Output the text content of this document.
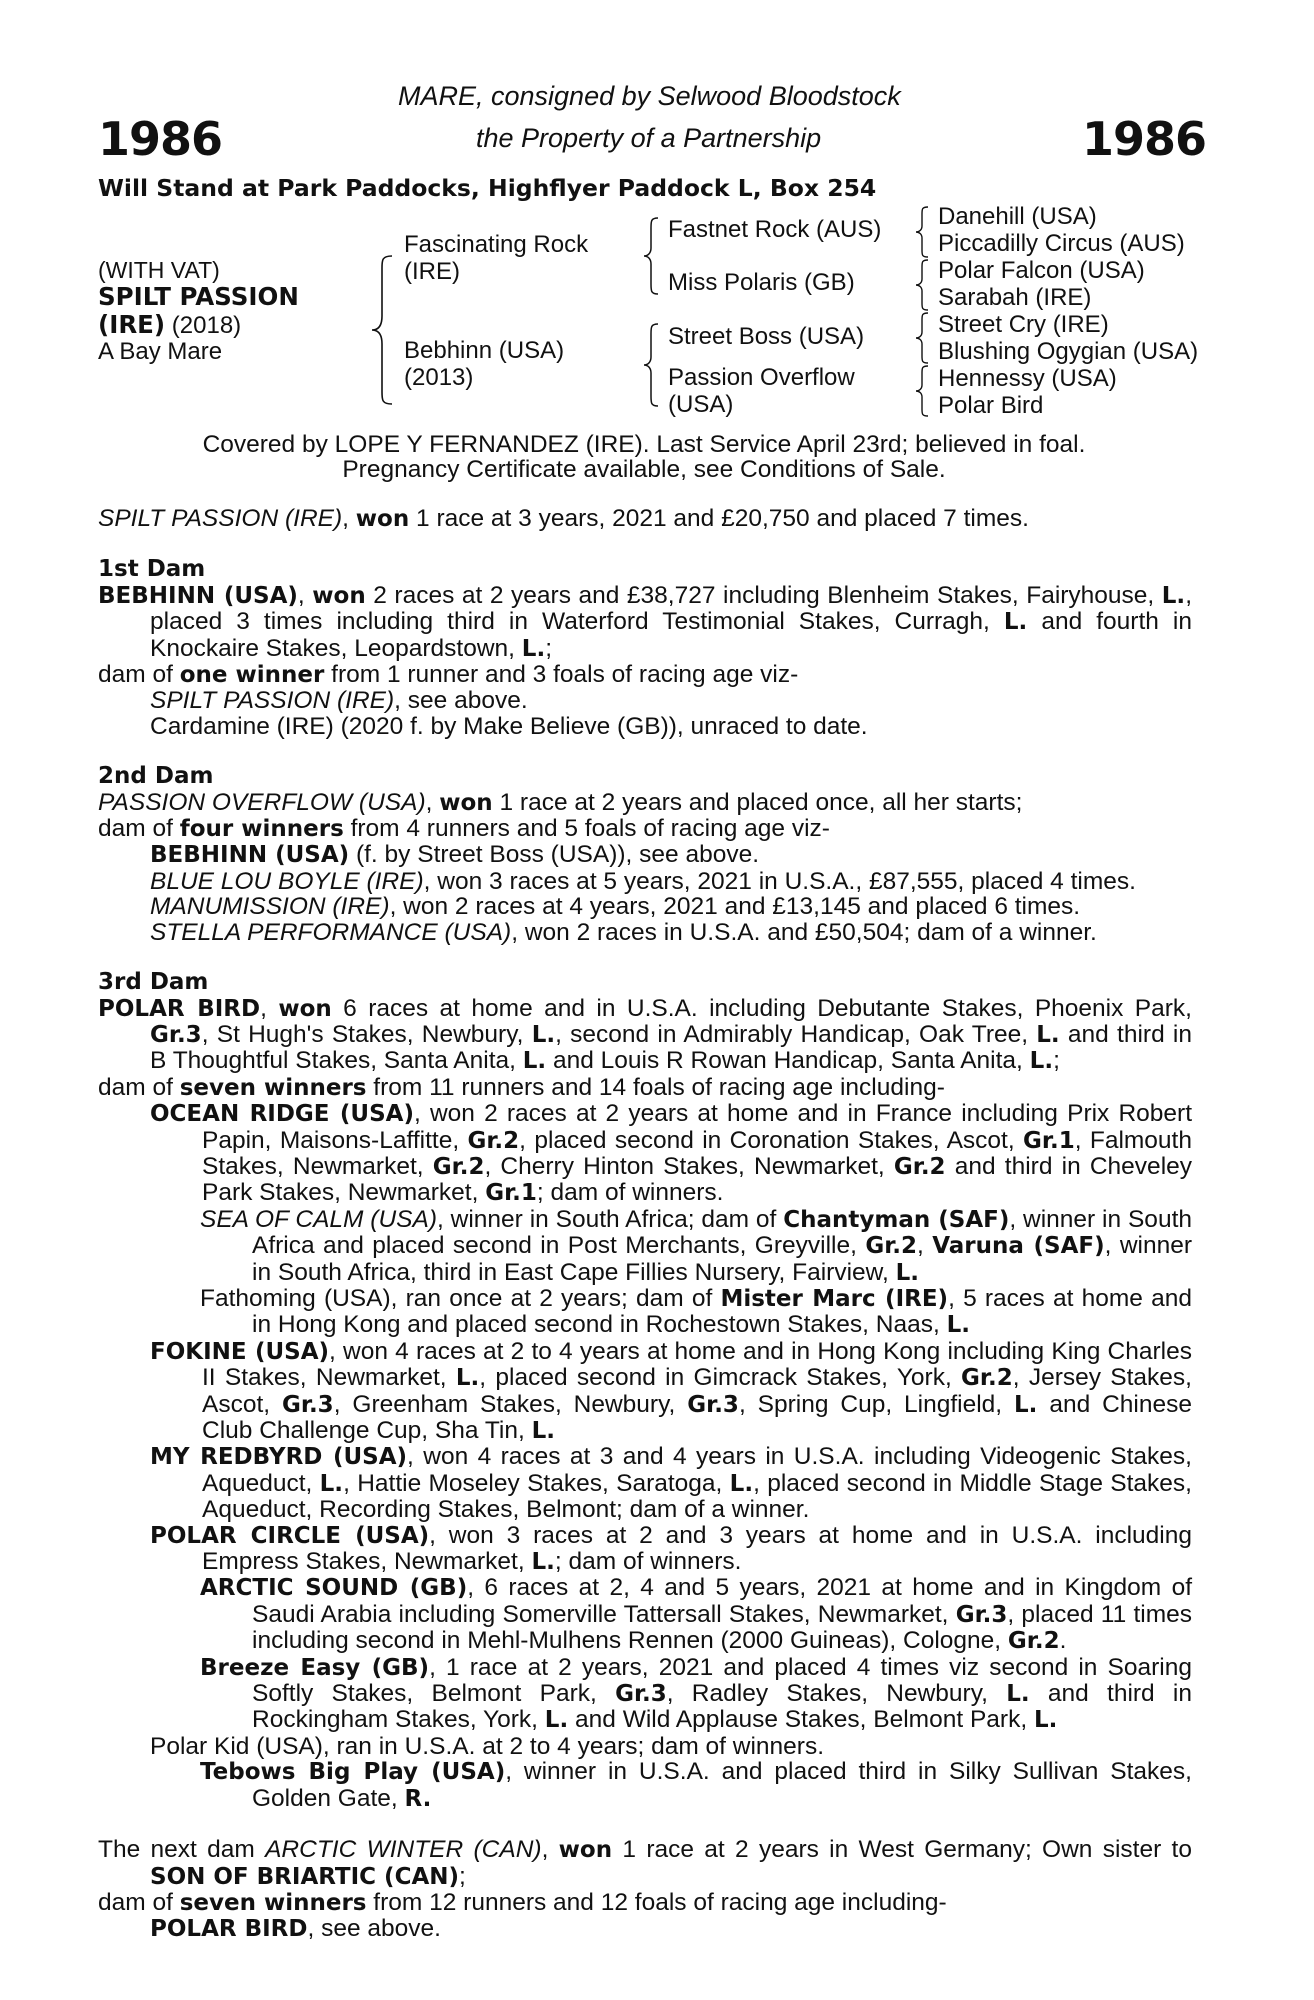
1986	1986
MARE, consigned by Selwood Bloodstock
the Property of a Partnership
Will Stand at Park Paddocks, Highflyer Paddock L, Box 254
(WITH VAT)
SPILT PASSION
(IRE) (2018)
A Bay Mare
Fascinating Rock
(IRE)
Bebhinn (USA)
(2013)
Fastnet Rock (AUS)
Miss Polaris (GB)
Street Boss (USA)
Passion Overflow
(USA)
Danehill (USA)
Piccadilly Circus (AUS)
Polar Falcon (USA)
Sarabah (IRE)
Street Cry (IRE)
Blushing Ogygian (USA)
Hennessy (USA)
Polar Bird
Covered by LOPE Y FERNANDEZ (IRE). Last Service April 23rd; believed in foal.
Pregnancy Certificate available, see Conditions of Sale.

SPILT PASSION (IRE), won 1 race at 3 years, 2021 and £20,750 and placed 7 times.

1st Dam

BEBHINN (USA), won 2 races at 2 years and £38,727 including Blenheim Stakes, Fairyhouse, L., placed 3 times including third in Waterford Testimonial Stakes, Curragh, L. and fourth in Knockaire Stakes, Leopardstown, L.;

dam of one winner from 1 runner and 3 foals of racing age viz-

SPILT PASSION (IRE), see above.

Cardamine (IRE) (2020 f. by Make Believe (GB)), unraced to date.

2nd Dam

PASSION OVERFLOW (USA), won 1 race at 2 years and placed once, all her starts;

dam of four winners from 4 runners and 5 foals of racing age viz-

BEBHINN (USA) (f. by Street Boss (USA)), see above.

BLUE LOU BOYLE (IRE), won 3 races at 5 years, 2021 in U.S.A., £87,555, placed 4 times.

MANUMISSION (IRE), won 2 races at 4 years, 2021 and £13,145 and placed 6 times.

STELLA PERFORMANCE (USA), won 2 races in U.S.A. and £50,504; dam of a winner.

3rd Dam

POLAR BIRD, won 6 races at home and in U.S.A. including Debutante Stakes, Phoenix Park, Gr.3, St Hugh's Stakes, Newbury, L., second in Admirably Handicap, Oak Tree, L. and third in B Thoughtful Stakes, Santa Anita, L. and Louis R Rowan Handicap, Santa Anita, L.;

dam of seven winners from 11 runners and 14 foals of racing age including-

OCEAN RIDGE (USA), won 2 races at 2 years at home and in France including Prix Robert Papin, Maisons-Laffitte, Gr.2, placed second in Coronation Stakes, Ascot, Gr.1, Falmouth Stakes, Newmarket, Gr.2, Cherry Hinton Stakes, Newmarket, Gr.2 and third in Cheveley Park Stakes, Newmarket, Gr.1; dam of winners.

SEA OF CALM (USA), winner in South Africa; dam of Chantyman (SAF), winner in South Africa and placed second in Post Merchants, Greyville, Gr.2, Varuna (SAF), winner in South Africa, third in East Cape Fillies Nursery, Fairview, L.

Fathoming (USA), ran once at 2 years; dam of Mister Marc (IRE), 5 races at home and in Hong Kong and placed second in Rochestown Stakes, Naas, L.

FOKINE (USA), won 4 races at 2 to 4 years at home and in Hong Kong including King Charles II Stakes, Newmarket, L., placed second in Gimcrack Stakes, York, Gr.2, Jersey Stakes, Ascot, Gr.3, Greenham Stakes, Newbury, Gr.3, Spring Cup, Lingfield, L. and Chinese Club Challenge Cup, Sha Tin, L.

MY REDBYRD (USA), won 4 races at 3 and 4 years in U.S.A. including Videogenic Stakes, Aqueduct, L., Hattie Moseley Stakes, Saratoga, L., placed second in Middle Stage Stakes, Aqueduct, Recording Stakes, Belmont; dam of a winner.

POLAR CIRCLE (USA), won 3 races at 2 and 3 years at home and in U.S.A. including Empress Stakes, Newmarket, L.; dam of winners.

ARCTIC SOUND (GB), 6 races at 2, 4 and 5 years, 2021 at home and in Kingdom of Saudi Arabia including Somerville Tattersall Stakes, Newmarket, Gr.3, placed 11 times including second in Mehl-Mulhens Rennen (2000 Guineas), Cologne, Gr.2.

Breeze Easy (GB), 1 race at 2 years, 2021 and placed 4 times viz second in Soaring Softly Stakes, Belmont Park, Gr.3, Radley Stakes, Newbury, L. and third in Rockingham Stakes, York, L. and Wild Applause Stakes, Belmont Park, L.

Polar Kid (USA), ran in U.S.A. at 2 to 4 years; dam of winners.

Tebows Big Play (USA), winner in U.S.A. and placed third in Silky Sullivan Stakes, Golden Gate, R.

The next dam ARCTIC WINTER (CAN), won 1 race at 2 years in West Germany; Own sister to SON OF BRIARTIC (CAN);

dam of seven winners from 12 runners and 12 foals of racing age including-

POLAR BIRD, see above.
